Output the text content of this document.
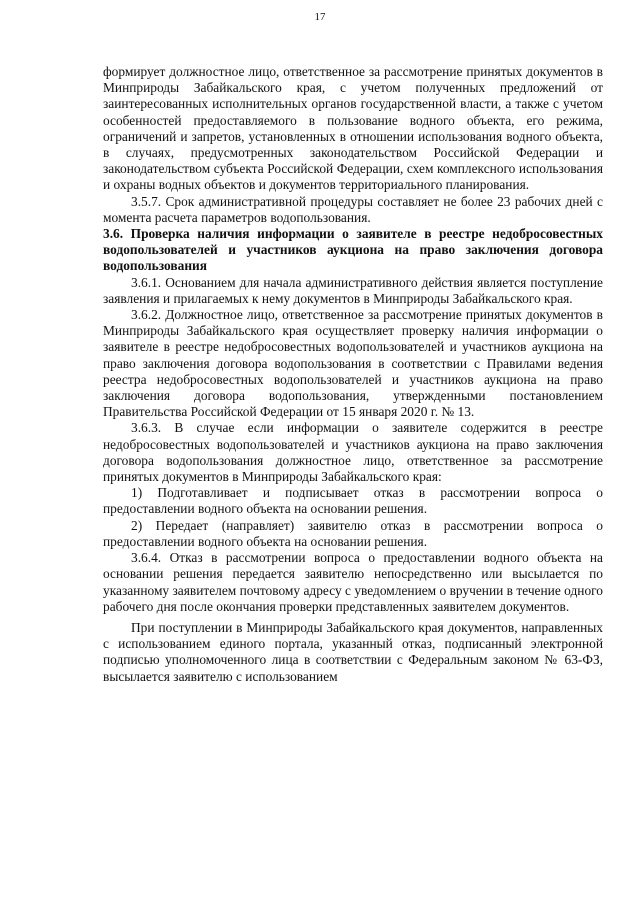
17

формирует должностное лицо, ответственное за рассмотрение принятых документов в Минприроды Забайкальского края, с учетом полученных предложений от заинтересованных исполнительных органов государственной власти, а также с учетом особенностей предоставляемого в пользование водного объекта, его режима, ограничений и запретов, установленных в отношении использования водного объекта, в случаях, предусмотренных законодательством Российской Федерации и законодательством субъекта Российской Федерации, схем комплексного использования и охраны водных объектов и документов территориального планирования.

3.5.7. Срок административной процедуры составляет не более 23 рабочих дней с момента расчета параметров водопользования.

3.6. Проверка наличия информации о заявителе в реестре недобросовестных водопользователей и участников аукциона на право заключения договора водопользования

3.6.1. Основанием для начала административного действия является поступление заявления и прилагаемых к нему документов в Минприроды Забайкальского края.

3.6.2. Должностное лицо, ответственное за рассмотрение принятых документов в Минприроды Забайкальского края осуществляет проверку наличия информации о заявителе в реестре недобросовестных водопользователей и участников аукциона на право заключения договора водопользования в соответствии с Правилами ведения реестра недобросовестных водопользователей и участников аукциона на право заключения договора водопользования, утвержденными постановлением Правительства Российской Федерации от 15 января 2020 г. № 13.

3.6.3. В случае если информации о заявителе содержится в реестре недобросовестных водопользователей и участников аукциона на право заключения договора водопользования должностное лицо, ответственное за рассмотрение принятых документов в Минприроды Забайкальского края:

1) Подготавливает и подписывает отказ в рассмотрении вопроса о предоставлении водного объекта на основании решения.

2) Передает (направляет) заявителю отказ в рассмотрении вопроса о предоставлении водного объекта на основании решения.

3.6.4. Отказ в рассмотрении вопроса о предоставлении водного объекта на основании решения передается заявителю непосредственно или высылается по указанному заявителем почтовому адресу с уведомлением о вручении в течение одного рабочего дня после окончания проверки представленных заявителем документов.

При поступлении в Минприроды Забайкальского края документов, направленных с использованием единого портала, указанный отказ, подписанный электронной подписью уполномоченного лица в соответствии с Федеральным законом № 63-ФЗ, высылается заявителю с использованием
